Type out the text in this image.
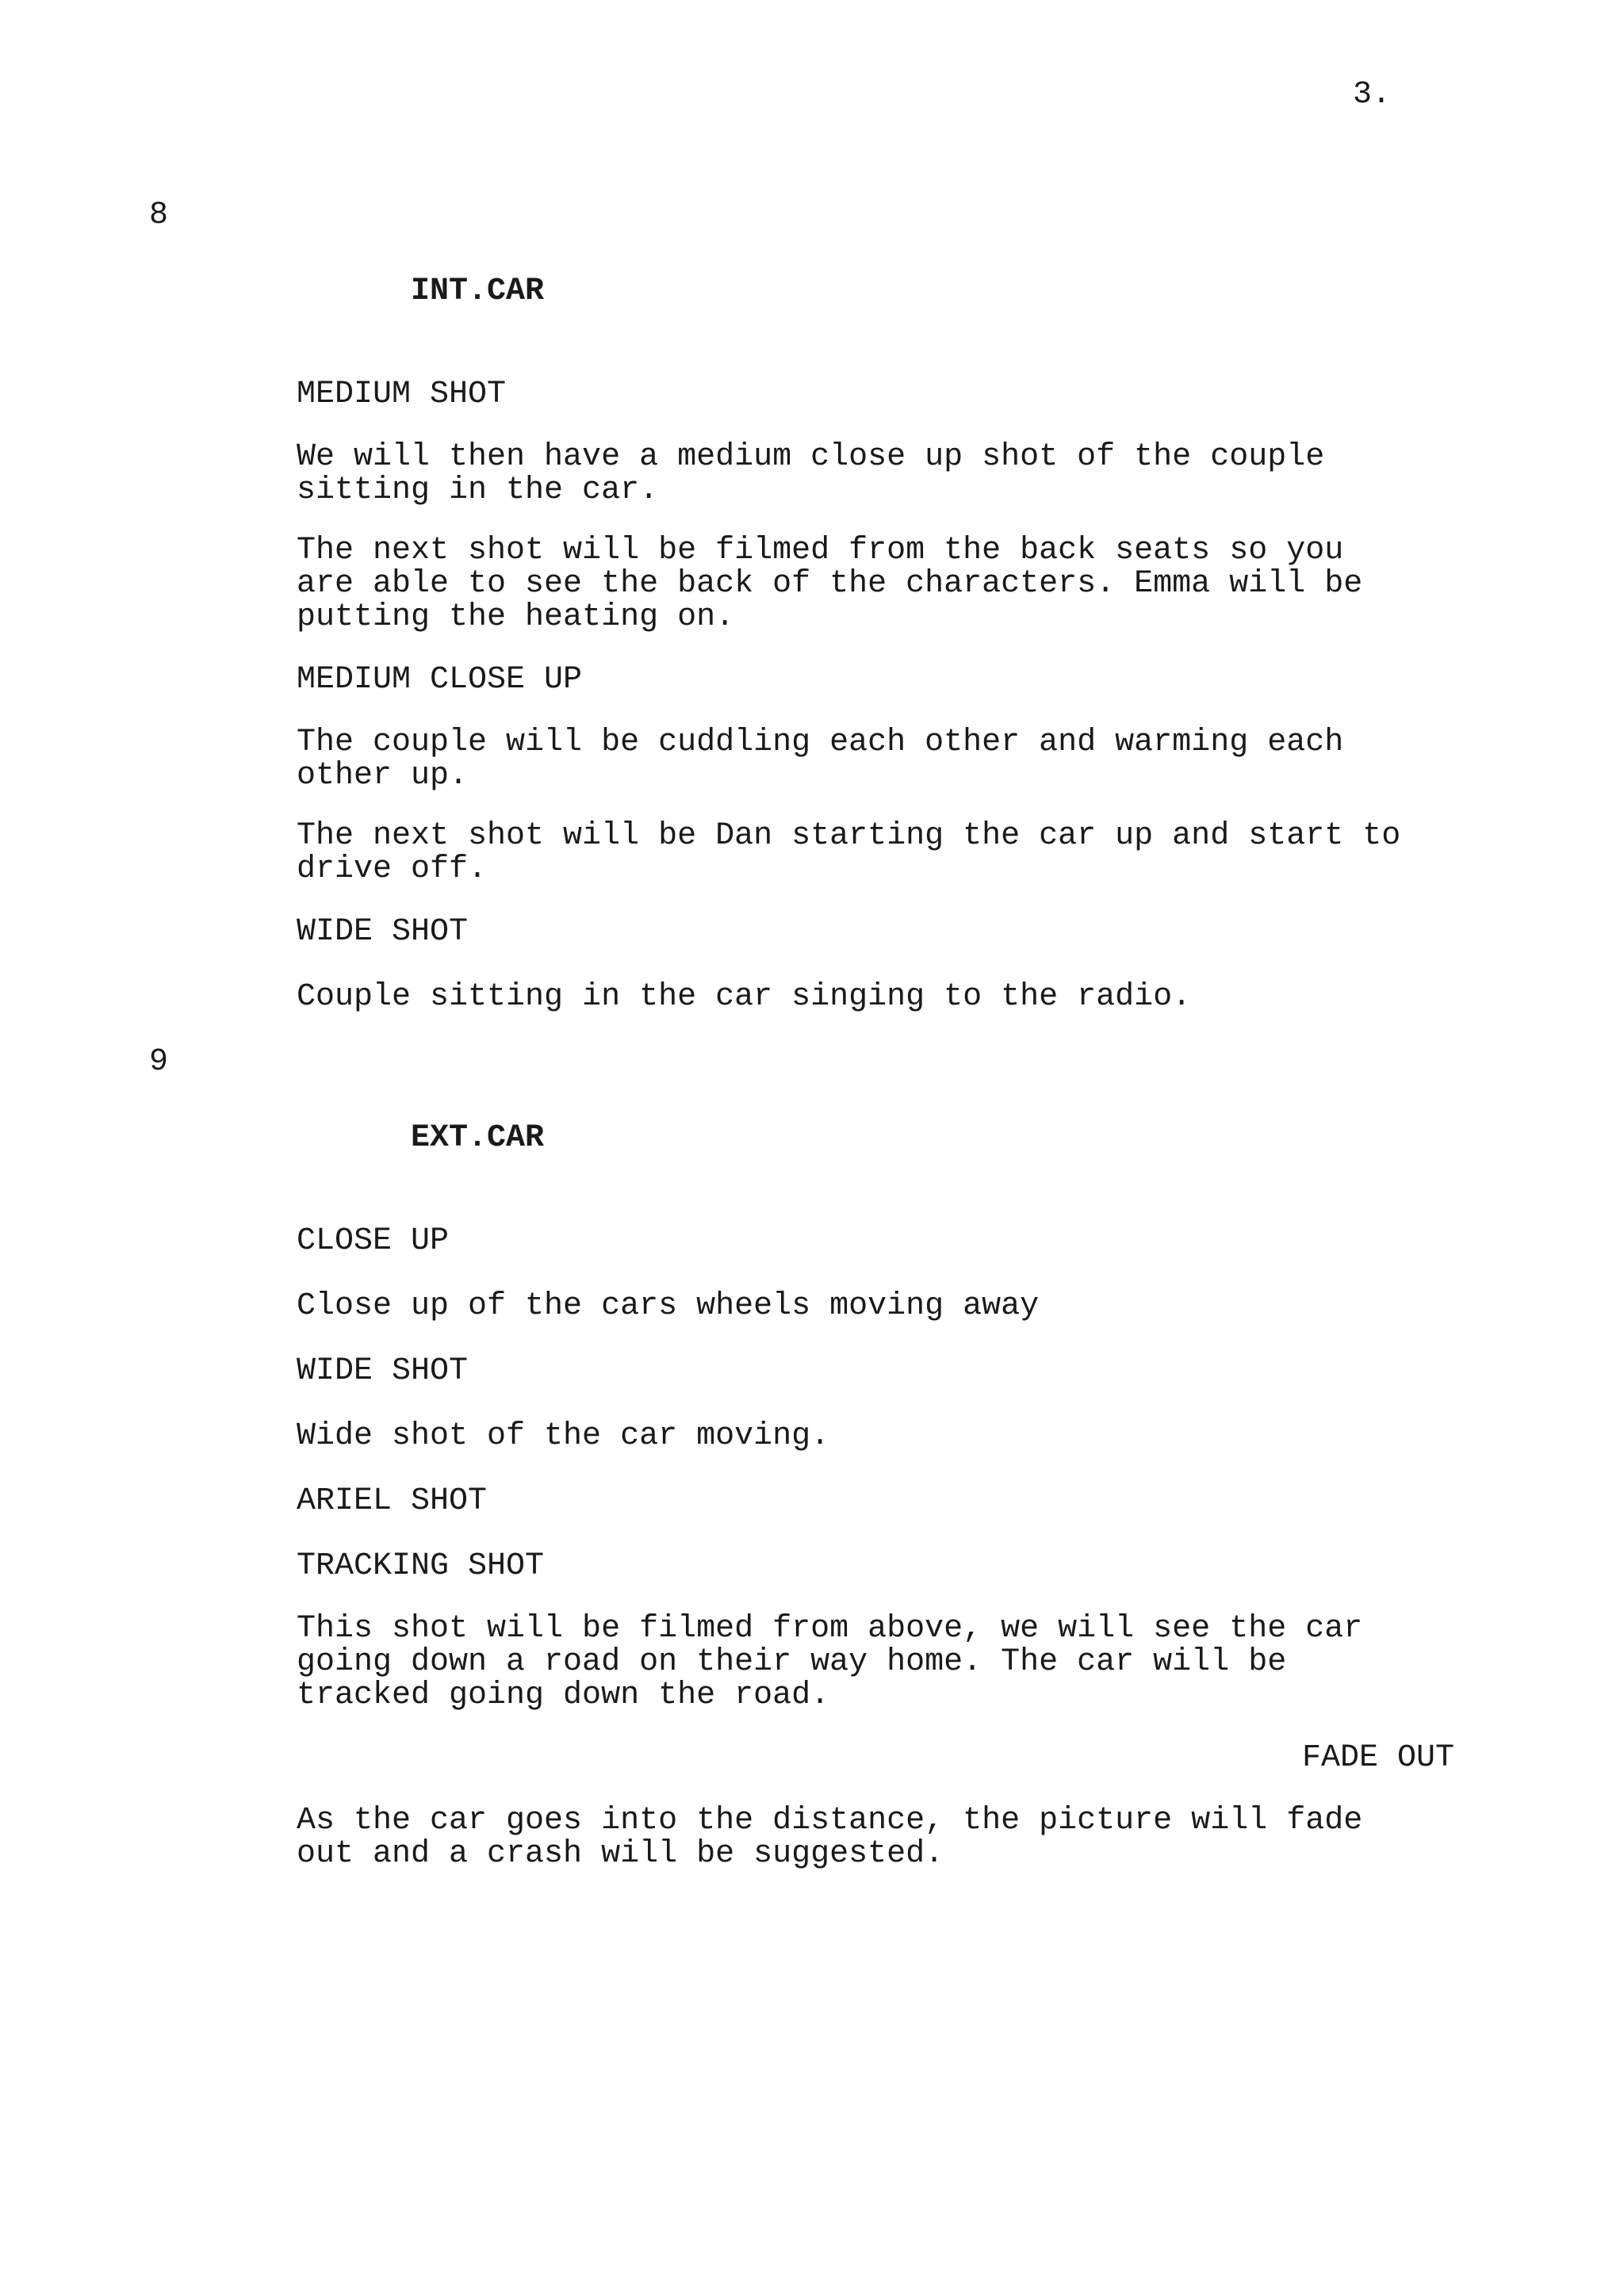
3.

8

INT.CAR

MEDIUM SHOT
We will then have a medium close up shot of the couple
sitting in the car.
The next shot will be filmed from the back seats so you
are able to see the back of the characters. Emma will be
putting the heating on.
MEDIUM CLOSE UP
The couple will be cuddling each other and warming each
other up.
The next shot will be Dan starting the car up and start to
drive off.
WIDE SHOT
Couple sitting in the car singing to the radio.

9

EXT.CAR

CLOSE UP
Close up of the cars wheels moving away
WIDE SHOT
Wide shot of the car moving.
ARIEL SHOT
TRACKING SHOT
This shot will be filmed from above, we will see the car
going down a road on their way home. The car will be
tracked going down the road.
FADE OUT
As the car goes into the distance, the picture will fade
out and a crash will be suggested.
